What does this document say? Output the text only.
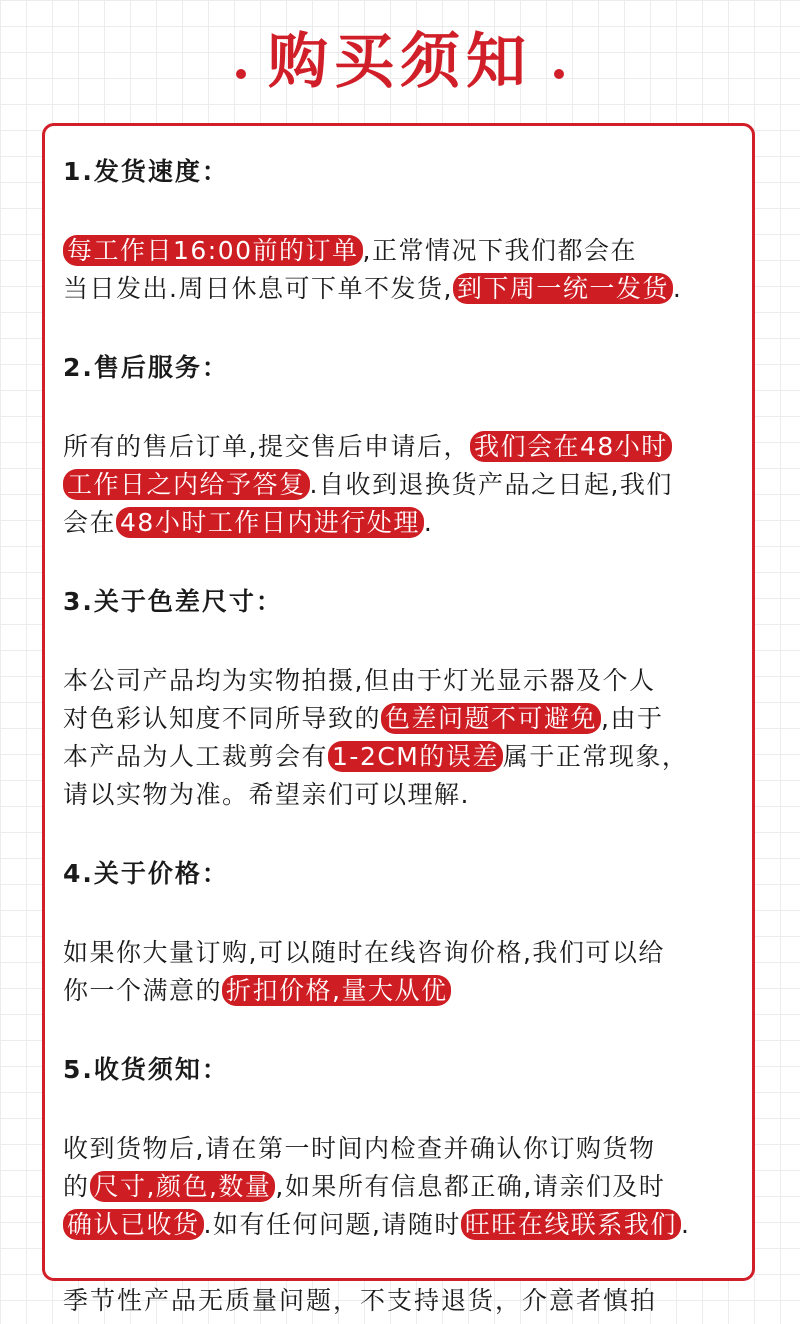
购买须知
1.发货速度：
每工作日16:00前的订单 ,正常情况下我们都会在
当日发出.周日休息可下单不发货, 到下周一统一发货 .
2.售后服务：
所有的售后订单,提交售后申请后， 我们会在48小时
工作日之内给予答复 .自收到退换货产品之日起,我们
会在 48小时工作日内进行处理 .
3.关于色差尺寸：
本公司产品均为实物拍摄,但由于灯光显示器及个人
对色彩认知度不同所导致的 色差问题不可避免 ,由于
本产品为人工裁剪会有 1-2CM的误差 属于正常现象，
请以实物为准。希望亲们可以理解.
4.关于价格：
如果你大量订购,可以随时在线咨询价格,我们可以给
你一个满意的 折扣价格,量大从优
5.收货须知：
收到货物后,请在第一时间内检查并确认你订购货物
的 尺寸,颜色,数量 ,如果所有信息都正确,请亲们及时
确认已收货 .如有任何问题,请随时 旺旺在线联系我们 .
季节性产品无质量问题，不支持退货，介意者慎拍
